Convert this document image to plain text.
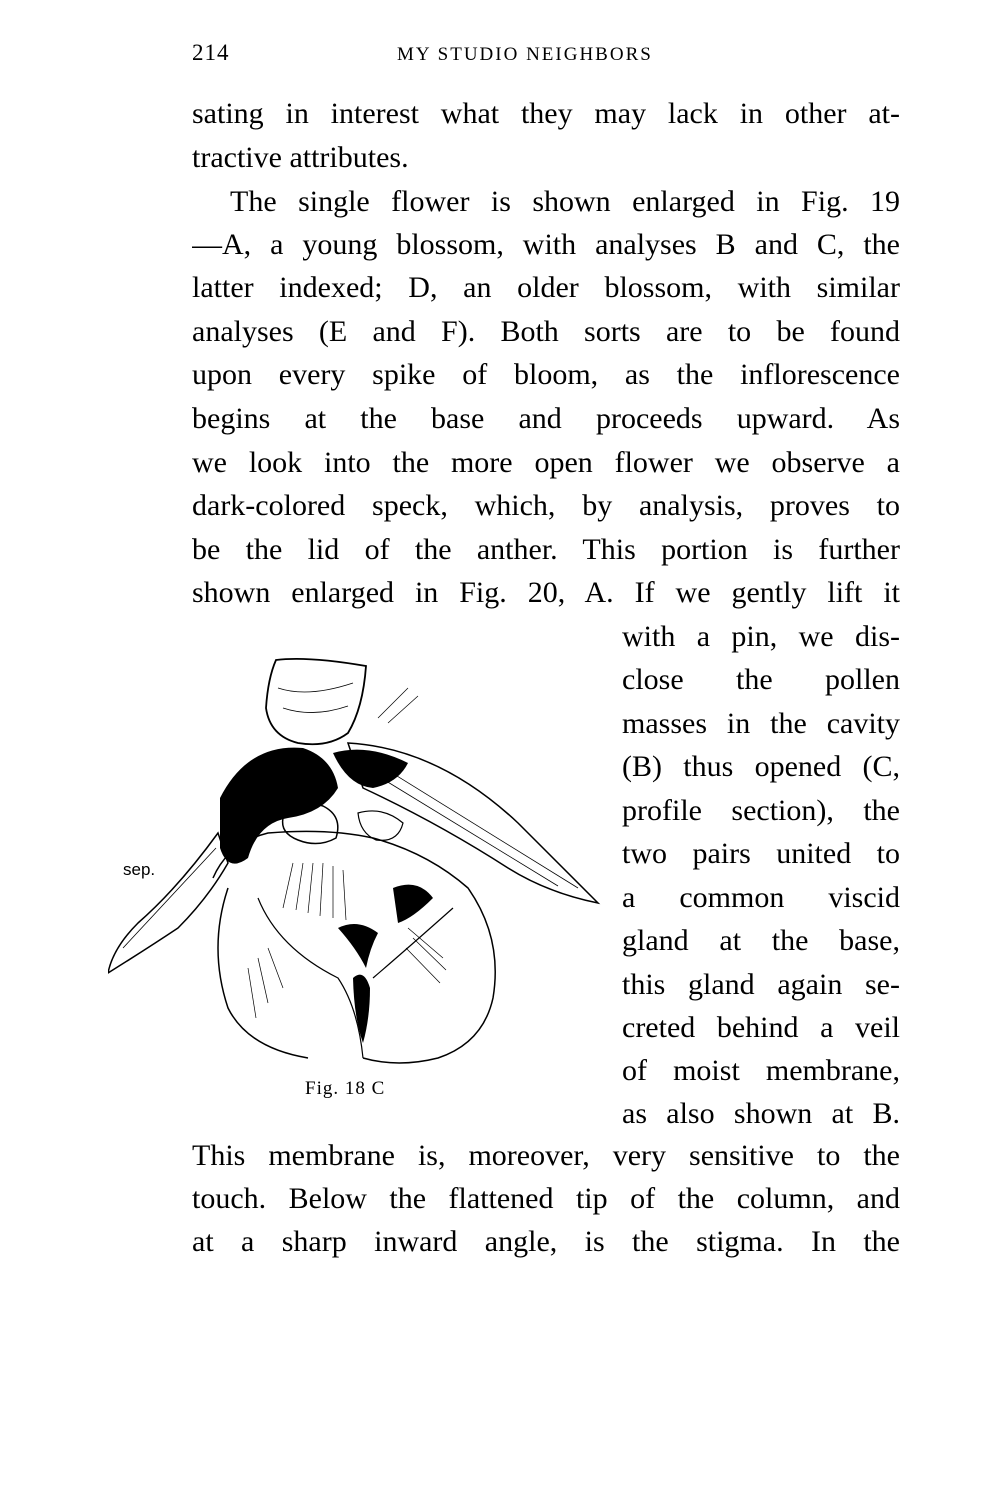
214	MY STUDIO NEIGHBORS
sating in interest what they may lack in other at-
tractive attributes.
The single flower is shown enlarged in Fig. 19
—A, a young blossom, with analyses B and C, the
latter indexed; D, an older blossom, with similar
analyses (E and F). Both sorts are to be found
upon every spike of bloom, as the inflorescence
begins at the base and proceeds upward. As
we look into the more open flower we observe a
dark-colored speck, which, by analysis, proves to
be the lid of the anther. This portion is further
shown enlarged in Fig. 20, A. If we gently lift it
with a pin, we dis-
close the pollen
masses in the cavity
(B) thus opened (C,
profile section), the
two pairs united to
a common viscid
gland at the base,
this gland again se-
creted behind a veil
of moist membrane,
as also shown at B.
This membrane is, moreover, very sensitive to the
touch. Below the flattened tip of the column, and
at a sharp inward angle, is the stigma. In the
sep.
Fig. 18 C
